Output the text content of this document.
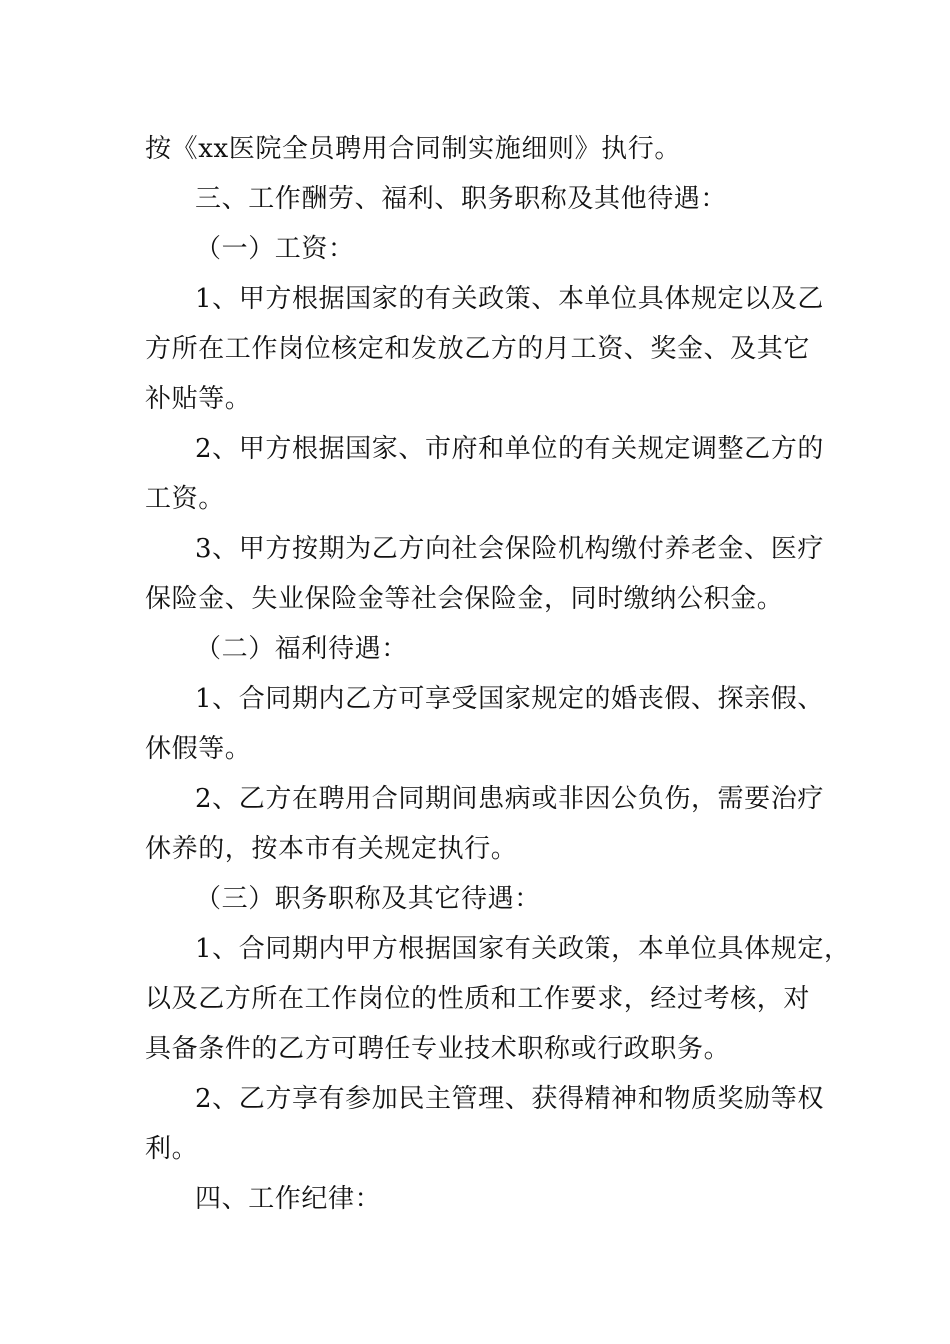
按《xx医院全员聘用合同制实施细则》执行。
三、工作酬劳、福利、职务职称及其他待遇：
（一）工资：
1、甲方根据国家的有关政策、本单位具体规定以及乙
方所在工作岗位核定和发放乙方的月工资、奖金、及其它
补贴等。
2、甲方根据国家、市府和单位的有关规定调整乙方的
工资。
3、甲方按期为乙方向社会保险机构缴付养老金、医疗
保险金、失业保险金等社会保险金，同时缴纳公积金。
（二）福利待遇：
1、合同期内乙方可享受国家规定的婚丧假、探亲假、
休假等。
2、乙方在聘用合同期间患病或非因公负伤，需要治疗
休养的，按本市有关规定执行。
（三）职务职称及其它待遇：
1、合同期内甲方根据国家有关政策，本单位具体规定，
以及乙方所在工作岗位的性质和工作要求，经过考核，对
具备条件的乙方可聘任专业技术职称或行政职务。
2、乙方享有参加民主管理、获得精神和物质奖励等权
利。
四、工作纪律：
